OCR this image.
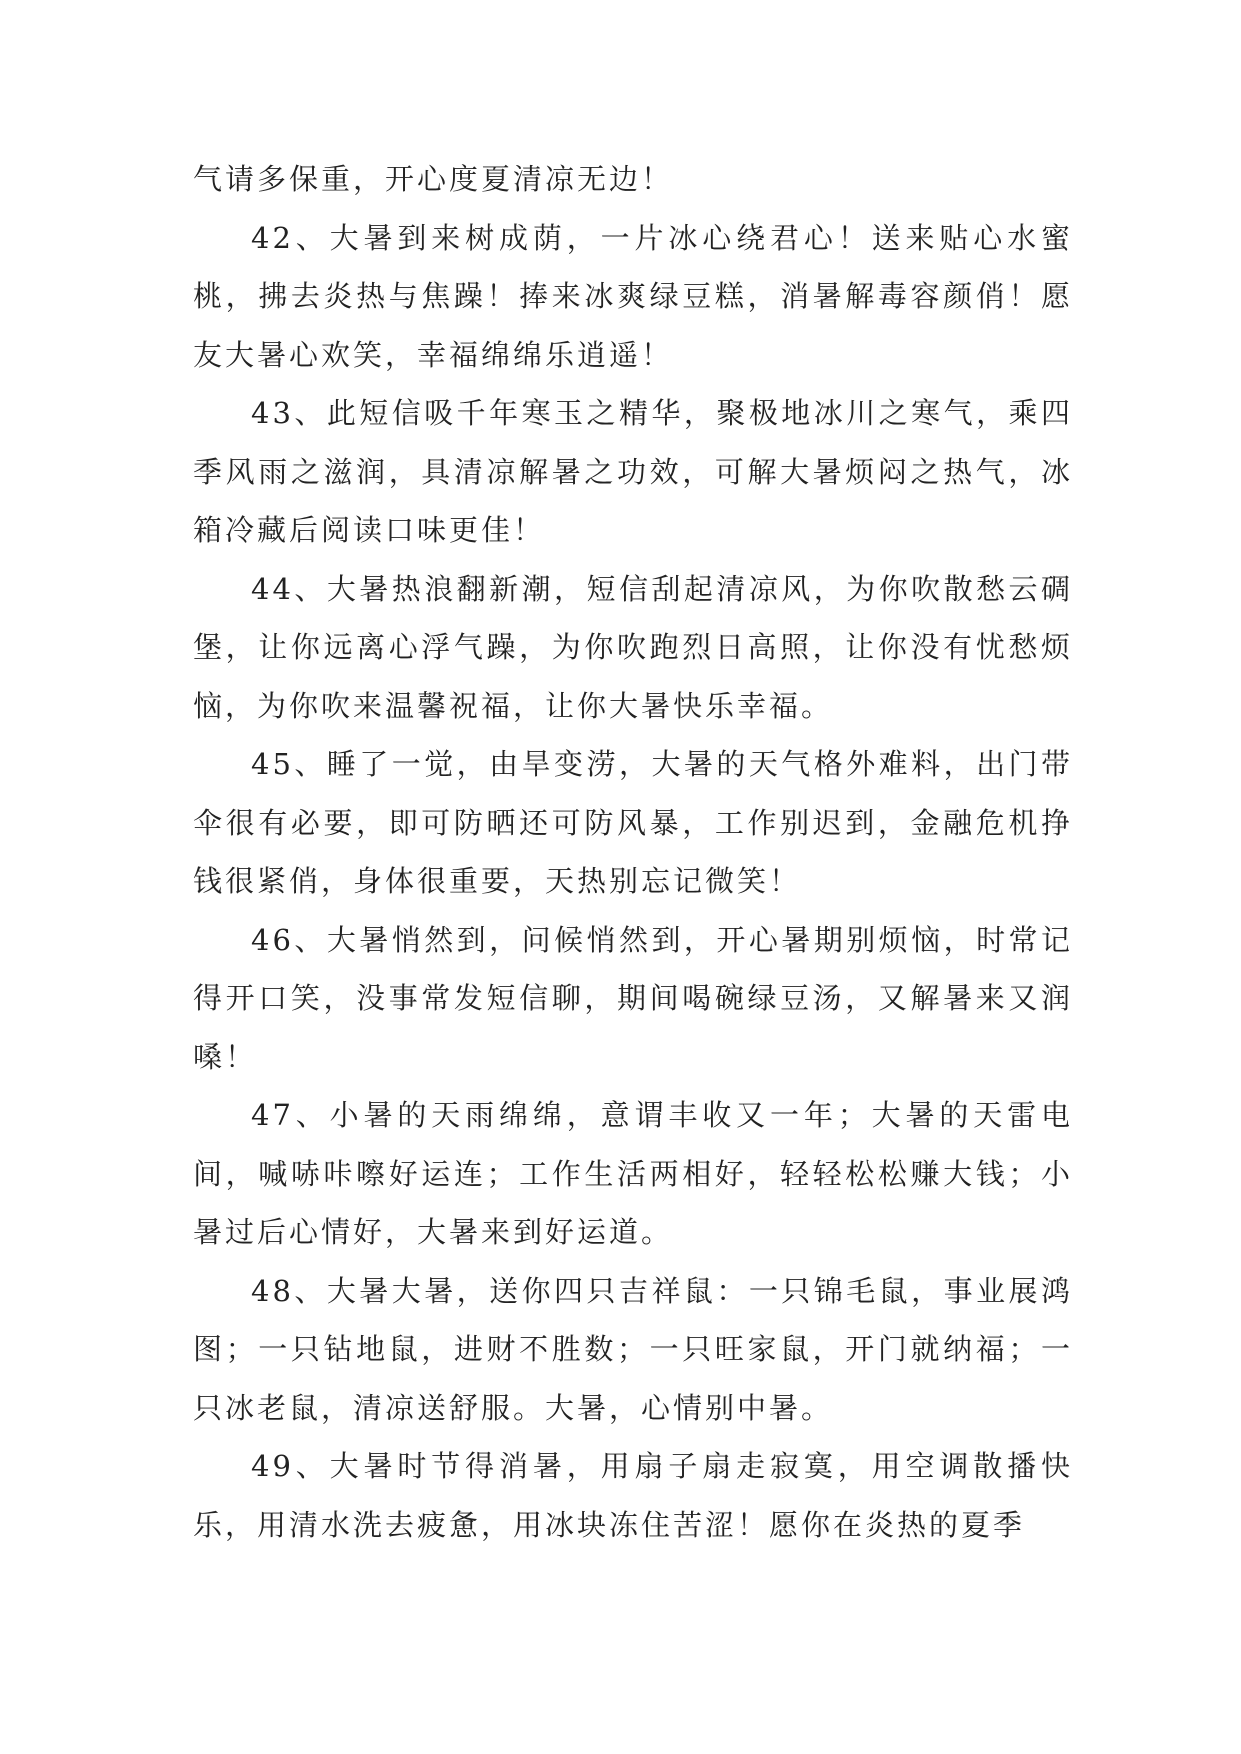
气请多保重，开心度夏清凉无边！

42、大暑到来树成荫，一片冰心绕君心！送来贴心水蜜桃，拂去炎热与焦躁！捧来冰爽绿豆糕，消暑解毒容颜俏！愿友大暑心欢笑，幸福绵绵乐逍遥！

43、此短信吸千年寒玉之精华，聚极地冰川之寒气，乘四季风雨之滋润，具清凉解暑之功效，可解大暑烦闷之热气，冰箱冷藏后阅读口味更佳！

44、大暑热浪翻新潮，短信刮起清凉风，为你吹散愁云碉堡，让你远离心浮气躁，为你吹跑烈日高照，让你没有忧愁烦恼，为你吹来温馨祝福，让你大暑快乐幸福。

45、睡了一觉，由旱变涝，大暑的天气格外难料，出门带伞很有必要，即可防晒还可防风暴，工作别迟到，金融危机挣钱很紧俏，身体很重要，天热别忘记微笑！

46、大暑悄然到，问候悄然到，开心暑期别烦恼，时常记得开口笑，没事常发短信聊，期间喝碗绿豆汤，又解暑来又润嗓！

47、小暑的天雨绵绵，意谓丰收又一年；大暑的天雷电间，喊哧咔嚓好运连；工作生活两相好，轻轻松松赚大钱；小暑过后心情好，大暑来到好运道。

48、大暑大暑，送你四只吉祥鼠：一只锦毛鼠，事业展鸿图；一只钻地鼠，进财不胜数；一只旺家鼠，开门就纳福；一只冰老鼠，清凉送舒服。大暑，心情别中暑。

49、大暑时节得消暑，用扇子扇走寂寞，用空调散播快乐，用清水洗去疲惫，用冰块冻住苦涩！愿你在炎热的夏季
